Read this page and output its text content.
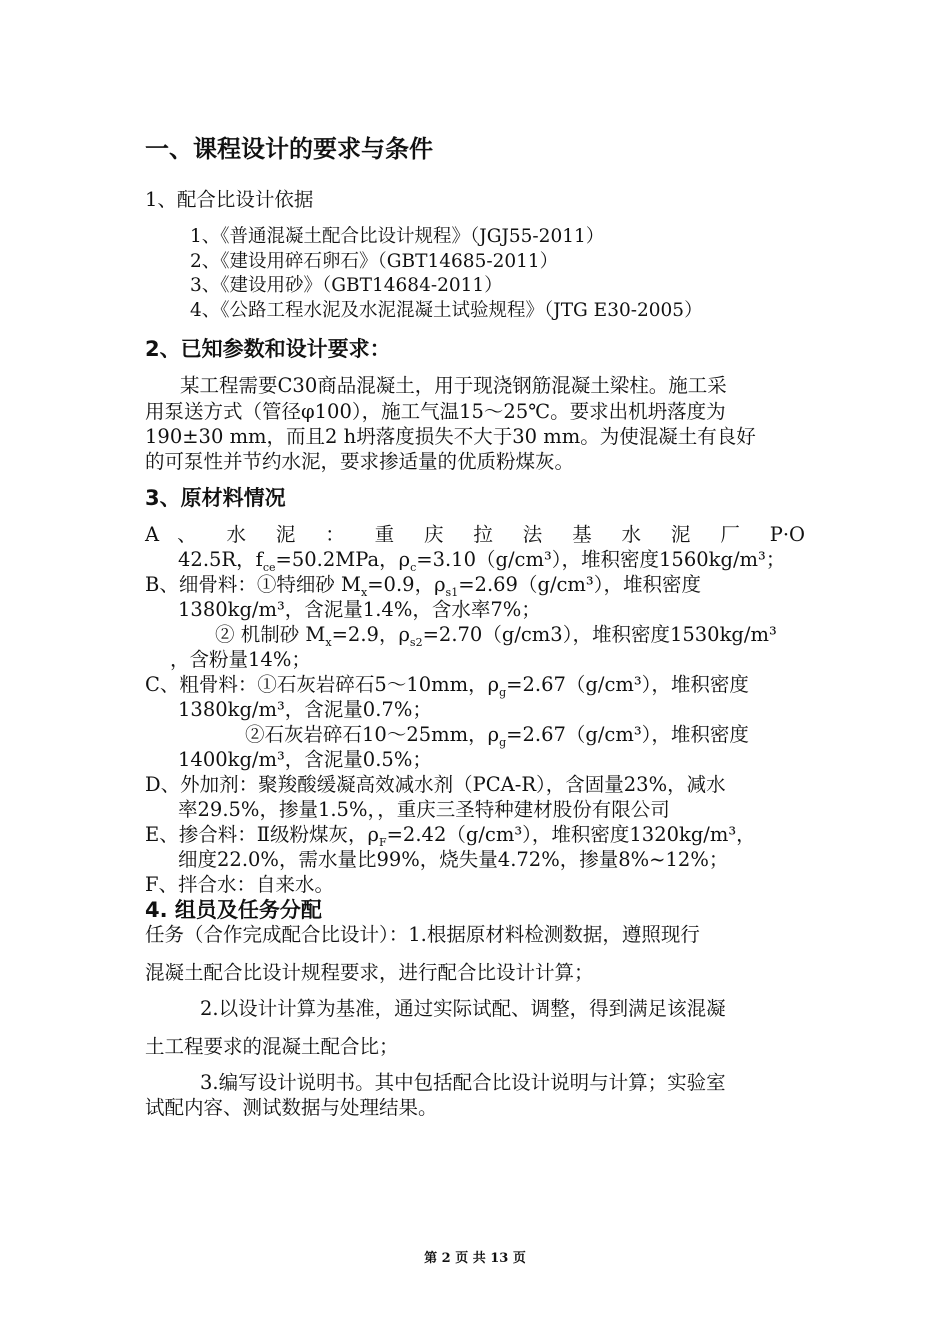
一、课程设计的要求与条件
1、配合比设计依据
1、《普通混凝土配合比设计规程》（JGJ55-2011）
2、《建设用碎石卵石》（GBT14685-2011）
3、《建设用砂》（GBT14684-2011）
4、《公路工程水泥及水泥混凝土试验规程》（JTG E30-2005）
2、已知参数和设计要求：
某工程需要C30商品混凝土，用于现浇钢筋混凝土梁柱。施工采
用泵送方式（管径φ100），施工气温15～25℃。要求出机坍落度为
190±30 mm，而且2 h坍落度损失不大于30 mm。为使混凝土有良好
的可泵性并节约水泥，要求掺适量的优质粉煤灰。
3、原材料情况
A 、 水 泥 ： 重 庆 拉 法 基 水 泥 厂 P·O
42.5R，$f_{ce}=50.2MPa$，$\rho_c=3.10(g/cm^3)$，堆积密度1560kg/m³；
B、细骨料：①特细砂 $M_x=0.9$，$\rho_{s1}=2.69(g/cm^3)$，堆积密度
1380kg/m³，含泥量1.4%，含水率7%；
② 机制砂 $M_x=2.9$，$\rho_{s2}=2.70(g/cm3)$，堆积密度1530kg/m³
，含粉量14%；
C、粗骨料：①石灰岩碎石5～10mm，$\rho_g=2.67(g/cm^3)$，堆积密度
1380kg/m³，含泥量0.7%；
②石灰岩碎石10～25mm，$\rho_g=2.67(g/cm^3)$，堆积密度
1400kg/m³，含泥量0.5%；
D、外加剂：聚羧酸缓凝高效减水剂（PCA-R），含固量23%，减水
率29.5%，掺量1.5%，，重庆三圣特种建材股份有限公司
E、掺合料：Ⅱ级粉煤灰，$\rho_F=2.42(g/cm^3)$，堆积密度1320kg/m³，
细度22.0%，需水量比99%，烧失量4.72%，掺量8%~12%；
F、拌合水：自来水。
4. 组员及任务分配
任务（合作完成配合比设计）：1.根据原材料检测数据，遵照现行
混凝土配合比设计规程要求，进行配合比设计计算；
2.以设计计算为基准，通过实际试配、调整，得到满足该混凝
土工程要求的混凝土配合比；
3.编写设计说明书。其中包括配合比设计说明与计算；实验室
试配内容、测试数据与处理结果。
第 2 页 共 13 页
